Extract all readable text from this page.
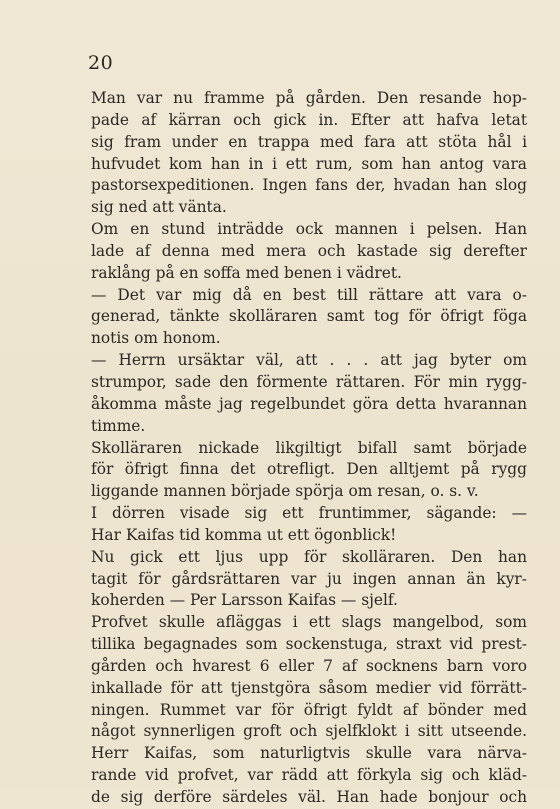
20
Man var nu framme på gården. Den resande hop-
pade af kärran och gick in. Efter att hafva letat
sig fram under en trappa med fara att stöta hål i
hufvudet kom han in i ett rum, som han antog vara
pastorsexpeditionen. Ingen fans der, hvadan han slog
sig ned att vänta.
Om en stund inträdde ock mannen i pelsen. Han
lade af denna med mera och kastade sig derefter
raklång på en soffa med benen i vädret.
— Det var mig då en best till rättare att vara o-
generad, tänkte skolläraren samt tog för öfrigt föga
notis om honom.
— Herrn ursäktar väl, att . . . att jag byter om
strumpor, sade den förmente rättaren. För min rygg-
åkomma måste jag regelbundet göra detta hvarannan
timme.
Skolläraren nickade likgiltigt bifall samt började
för öfrigt finna det otrefligt. Den alltjemt på rygg
liggande mannen började spörja om resan, o. s. v.
I dörren visade sig ett fruntimmer, sägande: —
Har Kaifas tid komma ut ett ögonblick!
Nu gick ett ljus upp för skolläraren. Den han
tagit för gårdsrättaren var ju ingen annan än kyr-
koherden — Per Larsson Kaifas — sjelf.
Profvet skulle afläggas i ett slags mangelbod, som
tillika begagnades som sockenstuga, straxt vid prest-
gården och hvarest 6 eller 7 af socknens barn voro
inkallade för att tjenstgöra såsom medier vid förrätt-
ningen. Rummet var för öfrigt fyldt af bönder med
något synnerligen groft och sjelfklokt i sitt utseende.
Herr Kaifas, som naturligtvis skulle vara närva-
rande vid profvet, var rädd att förkyla sig och kläd-
de sig derföre särdeles väl. Han hade bonjour och
